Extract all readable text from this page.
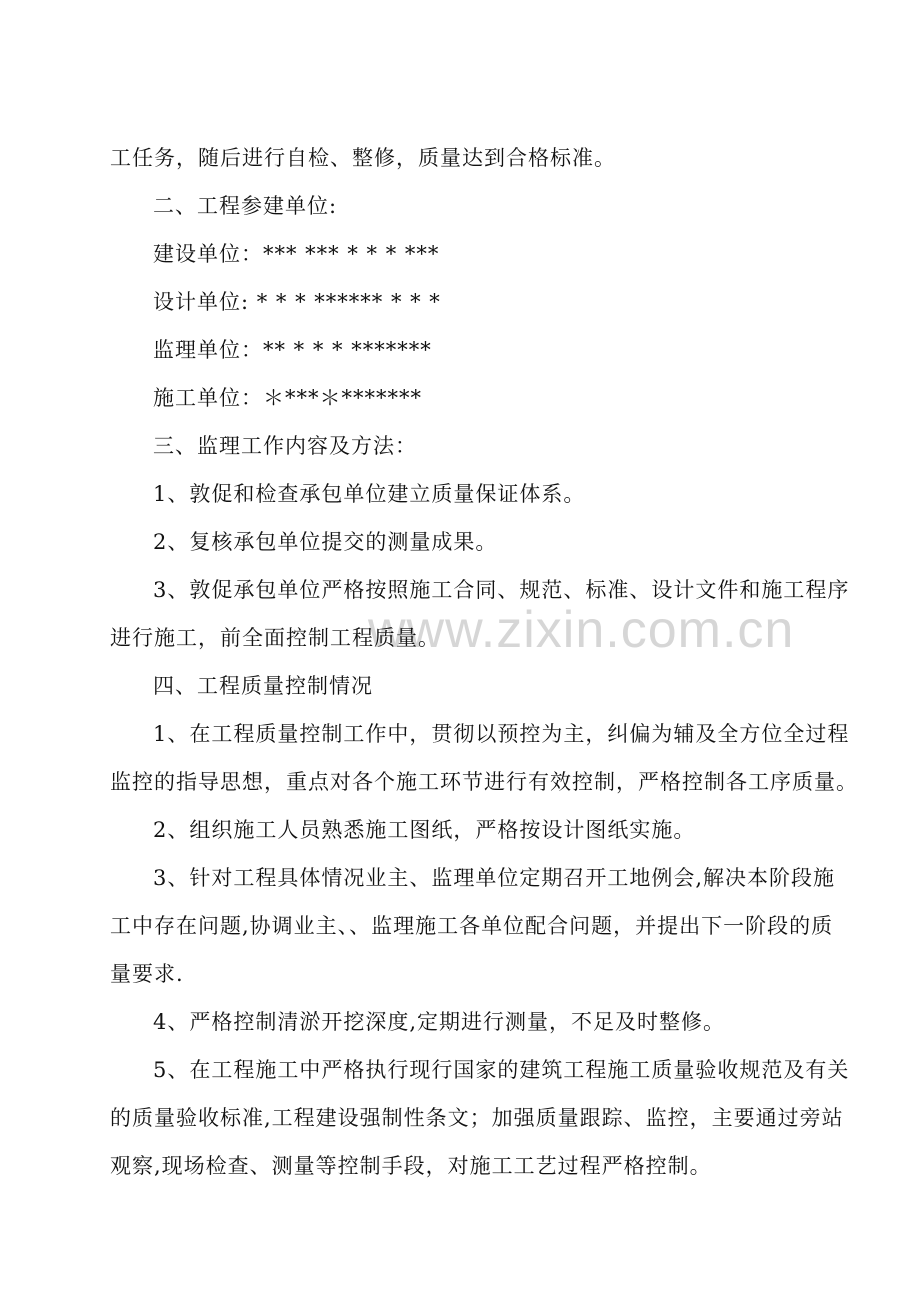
www.zixin.com.cn
工任务，随后进行自检、整修，质量达到合格标准。
二、工程参建单位:
建设单位：*** *** * * * ***
设计单位: * * * ****** * * *
监理单位：** * * * *******
施工单位：＊***＊*******
三、监理工作内容及方法：
1、敦促和检查承包单位建立质量保证体系。
2、复核承包单位提交的测量成果。
3、敦促承包单位严格按照施工合同、规范、标准、设计文件和施工程序
进行施工，前全面控制工程质量。
四、工程质量控制情况
1、在工程质量控制工作中，贯彻以预控为主，纠偏为辅及全方位全过程
监控的指导思想，重点对各个施工环节进行有效控制，严格控制各工序质量。
2、组织施工人员熟悉施工图纸，严格按设计图纸实施。
3、针对工程具体情况业主、监理单位定期召开工地例会,解决本阶段施
工中存在问题,协调业主、、监理施工各单位配合问题，并提出下一阶段的质
量要求.
4、严格控制清淤开挖深度,定期进行测量，不足及时整修。
5、在工程施工中严格执行现行国家的建筑工程施工质量验收规范及有关
的质量验收标准,工程建设强制性条文；加强质量跟踪、监控，主要通过旁站
观察,现场检查、测量等控制手段，对施工工艺过程严格控制。
